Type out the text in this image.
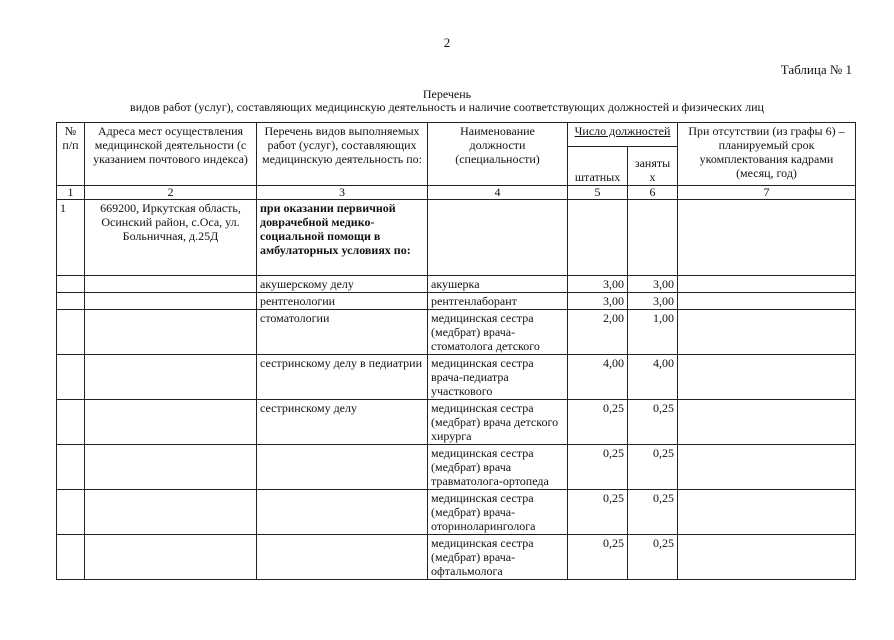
2
Таблица № 1
Перечень
видов работ (услуг), составляющих медицинскую деятельность и наличие соответствующих должностей и физических лиц
№ п/п	Адреса мест осуществления медицинской деятельности (с указанием почтового индекса)	Перечень видов выполняемых работ (услуг), составляющих медицинскую деятельность по:	Наименование должности (специальности)	Число должностей		При отсутствии (из графы 6) – планируемый срок укомплектования кадрами (месяц, год)
				штатных	заняты х	
1	2	3	4	5	6	7
1	669200, Иркутская область, Осинский район, с.Оса, ул. Больничная, д.25Д	при оказании первичной доврачебной медико-социальной помощи в амбулаторных условиях по:				
		акушерскому делу	акушерка	3,00	3,00	
		рентгенологии	рентгенлаборант	3,00	3,00	
		стоматологии	медицинская сестра (медбрат) врача-стоматолога детского	2,00	1,00	
		сестринскому делу в педиатрии	медицинская сестра врача-педиатра участкового	4,00	4,00	
		сестринскому делу	медицинская сестра (медбрат) врача детского хирурга	0,25	0,25	
			медицинская сестра (медбрат) врача травматолога-ортопеда	0,25	0,25	
			медицинская сестра (медбрат) врача-оториноларинголога	0,25	0,25	
			медицинская сестра (медбрат) врача-офтальмолога	0,25	0,25	
